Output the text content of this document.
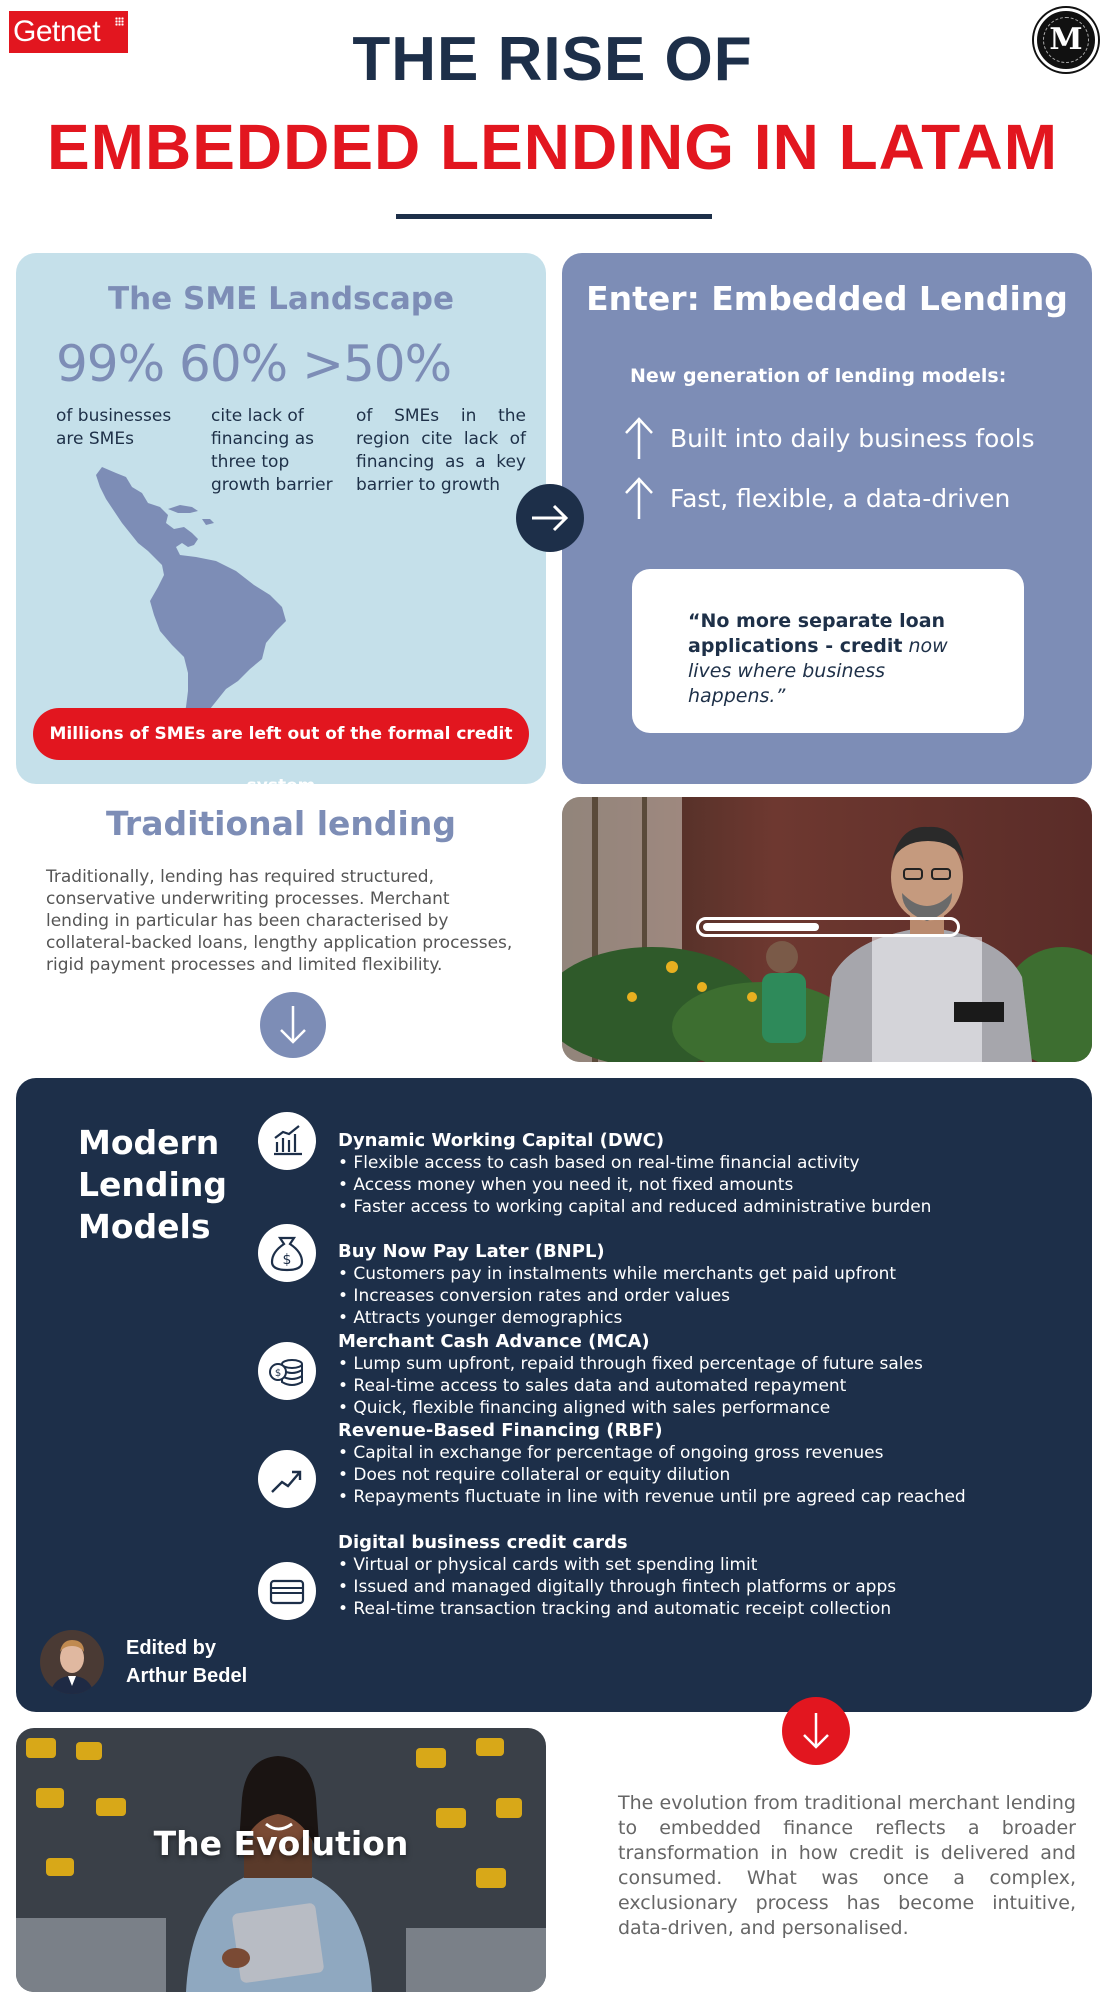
Getnet	M
THE RISE OF
EMBEDDED LENDING IN LATAM
The SME Landscape
99% 60% >50%
of businesses are SMEs
cite lack of financing as three top growth barrier
of SMEs in the region cite lack of financing as a key barrier to growth
Millions of SMEs are left out of the formal credit system
Enter: Embedded Lending
New generation of lending models:
Built into daily business fools
Fast, flexible, a data-driven
“No more separate loan applications - credit now lives where business happens.”
Traditional lending
Traditionally, lending has required structured, conservative underwriting processes. Merchant lending in particular has been characterised by collateral-backed loans, lengthy application processes, rigid payment processes and limited flexibility.
Modern Lending Models
Dynamic Working Capital (DWC)
• Flexible access to cash based on real-time financial activity
• Access money when you need it, not fixed amounts
• Faster access to working capital and reduced administrative burden
$	Buy Now Pay Later (BNPL)
• Customers pay in instalments while merchants get paid upfront
• Increases conversion rates and order values
• Attracts younger demographics
$
Merchant Cash Advance (MCA)
• Lump sum upfront, repaid through fixed percentage of future sales
• Real-time access to sales data and automated repayment
• Quick, flexible financing aligned with sales performance
Revenue-Based Financing (RBF)
• Capital in exchange for percentage of ongoing gross revenues
• Does not require collateral or equity dilution
• Repayments fluctuate in line with revenue until pre agreed cap reached
Digital business credit cards
• Virtual or physical cards with set spending limit
• Issued and managed digitally through fintech platforms or apps
• Real-time transaction tracking and automatic receipt collection
Edited by
Arthur Bedel
The Evolution
The evolution from traditional merchant lending to embedded finance reflects a broader transformation in how credit is delivered and consumed. What was once a complex, exclusionary process has become intuitive, data-driven, and personalised.
